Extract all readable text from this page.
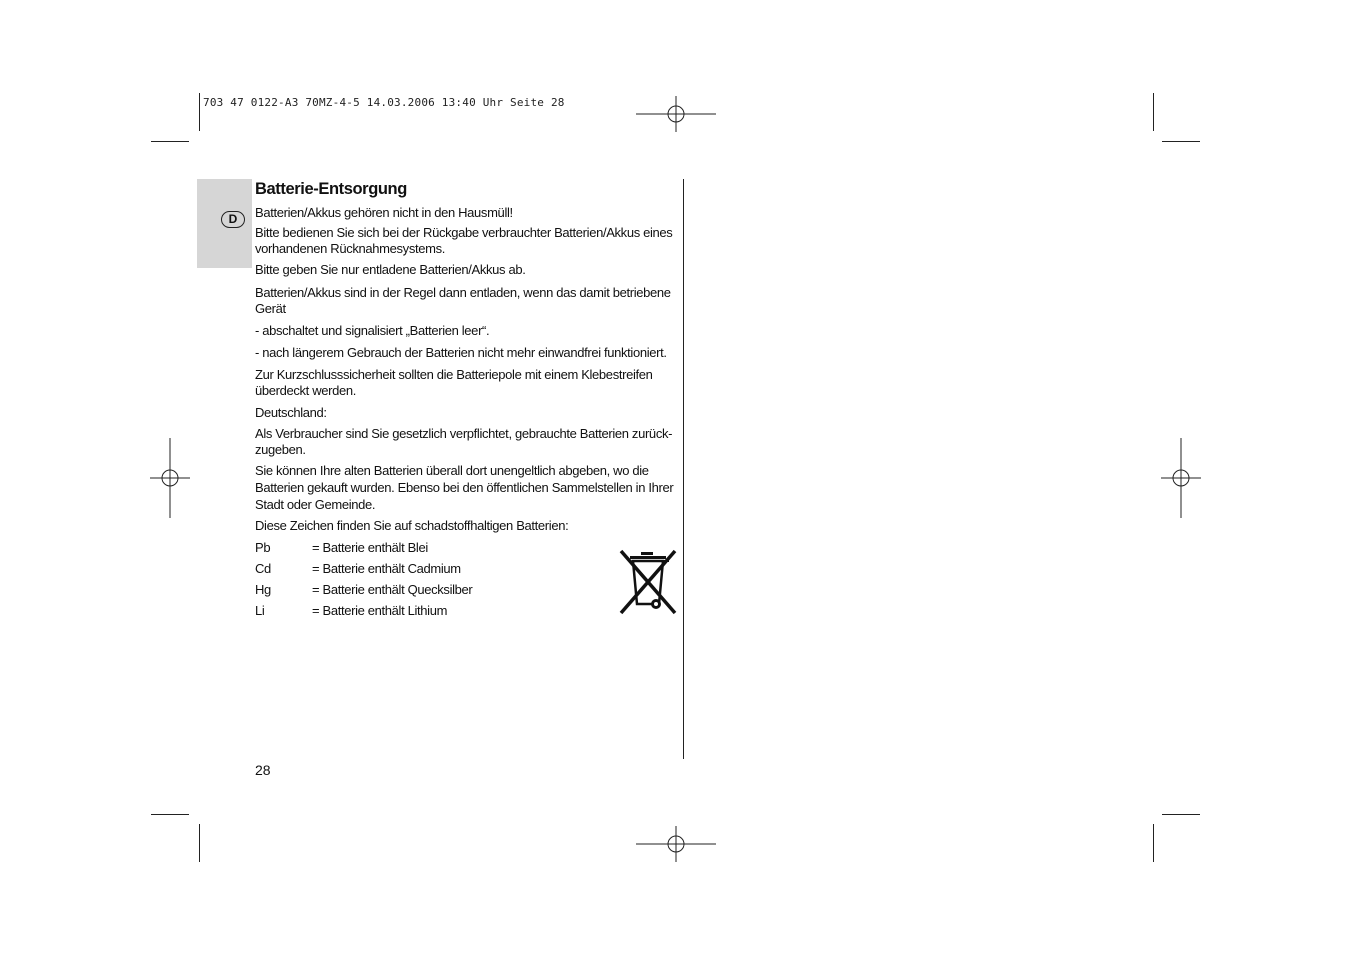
703 47 0122-A3 70MZ-4-5 14.03.2006 13:40 Uhr Seite 28
D
Batterie-Entsorgung
Batterien/Akkus gehören nicht in den Hausmüll!
Bitte bedienen Sie sich bei der Rückgabe verbrauchter Batterien/Akkus eines vorhandenen Rücknahmesystems.
Bitte geben Sie nur entladene Batterien/Akkus ab.
Batterien/Akkus sind in der Regel dann entladen, wenn das damit betriebene Gerät
- abschaltet und signalisiert „Batterien leer“.
- nach längerem Gebrauch der Batterien nicht mehr einwandfrei funktioniert.
Zur Kurzschlusssicherheit sollten die Batteriepole mit einem Klebestreifen überdeckt werden.
Deutschland:
Als Verbraucher sind Sie gesetzlich verpflichtet, gebrauchte Batterien zurück-zugeben.
Sie können Ihre alten Batterien überall dort unengeltlich abgeben, wo die Batterien gekauft wurden. Ebenso bei den öffentlichen Sammelstellen in Ihrer Stadt oder Gemeinde.
Diese Zeichen finden Sie auf schadstoffhaltigen Batterien:
Pb	= Batterie enthält Blei
Cd	= Batterie enthält Cadmium
Hg	= Batterie enthält Quecksilber
Li	= Batterie enthält Lithium
28
